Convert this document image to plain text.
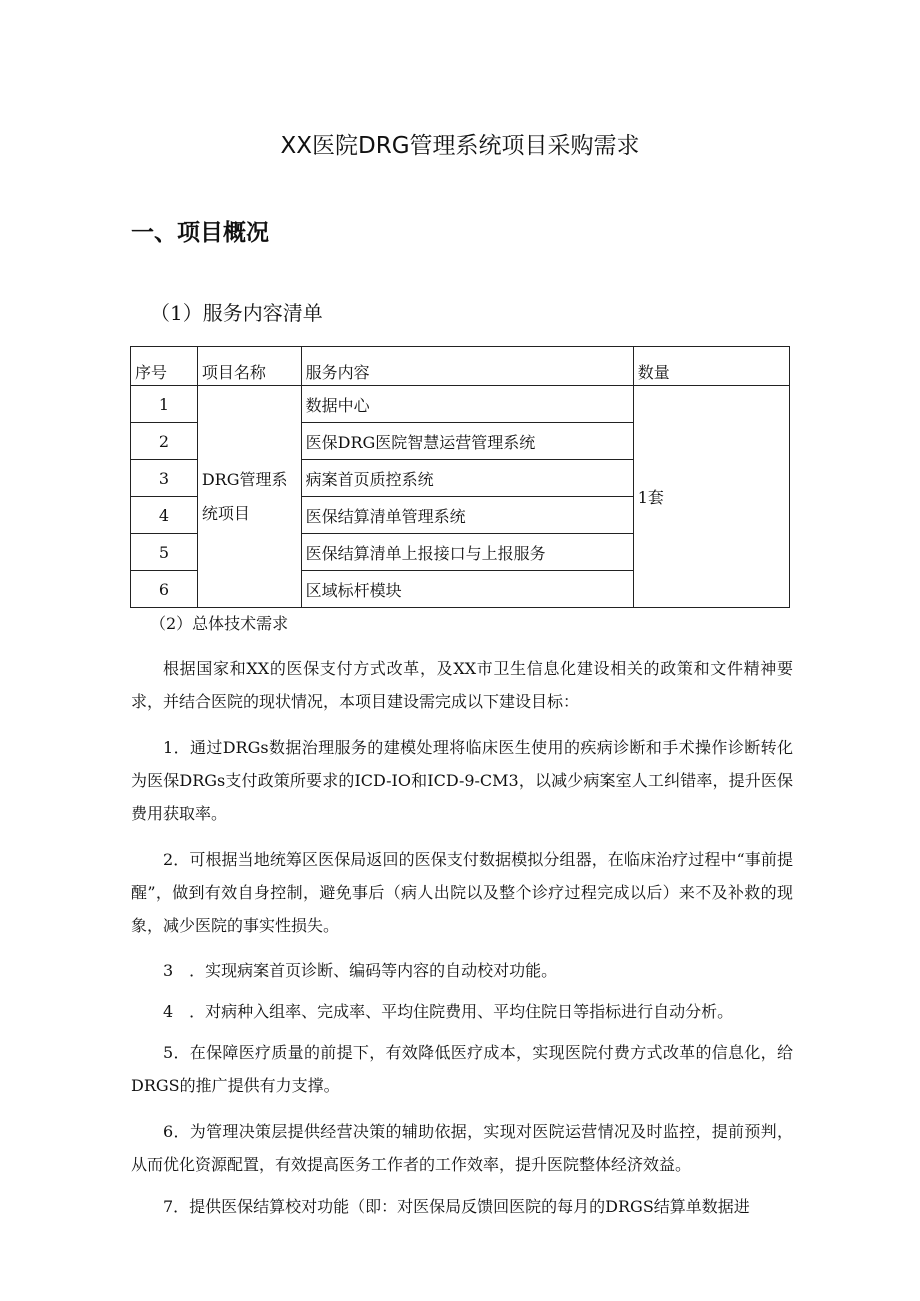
XX医院DRG管理系统项目采购需求
一、项目概况
（1）服务内容清单
序号	项目名称	服务内容	数量
1	DRG管理系统项目	数据中心	1套
2		医保DRG医院智慧运营管理系统	
3		病案首页质控系统	
4		医保结算清单管理系统	
5		医保结算清单上报接口与上报服务	
6		区域标杆模块	
（2）总体技术需求

根据国家和XX的医保支付方式改革，及XX市卫生信息化建设相关的政策和文件精神要求，并结合医院的现状情况，本项目建设需完成以下建设目标：

1．通过DRGs数据治理服务的建模处理将临床医生使用的疾病诊断和手术操作诊断转化为医保DRGs支付政策所要求的ICD-IO和ICD-9-CM3，以减少病案室人工纠错率，提升医保费用获取率。

2．可根据当地统筹区医保局返回的医保支付数据模拟分组器，在临床治疗过程中“事前提醒”，做到有效自身控制，避免事后（病人出院以及整个诊疗过程完成以后）来不及补救的现象，减少医院的事实性损失。

3　．实现病案首页诊断、编码等内容的自动校对功能。

4　．对病种入组率、完成率、平均住院费用、平均住院日等指标进行自动分析。

5．在保障医疗质量的前提下，有效降低医疗成本，实现医院付费方式改革的信息化，给DRGS的推广提供有力支撑。

6．为管理决策层提供经营决策的辅助依据，实现对医院运营情况及时监控，提前预判，从而优化资源配置，有效提高医务工作者的工作效率，提升医院整体经济效益。

7．提供医保结算校对功能（即：对医保局反馈回医院的每月的DRGS结算单数据进
